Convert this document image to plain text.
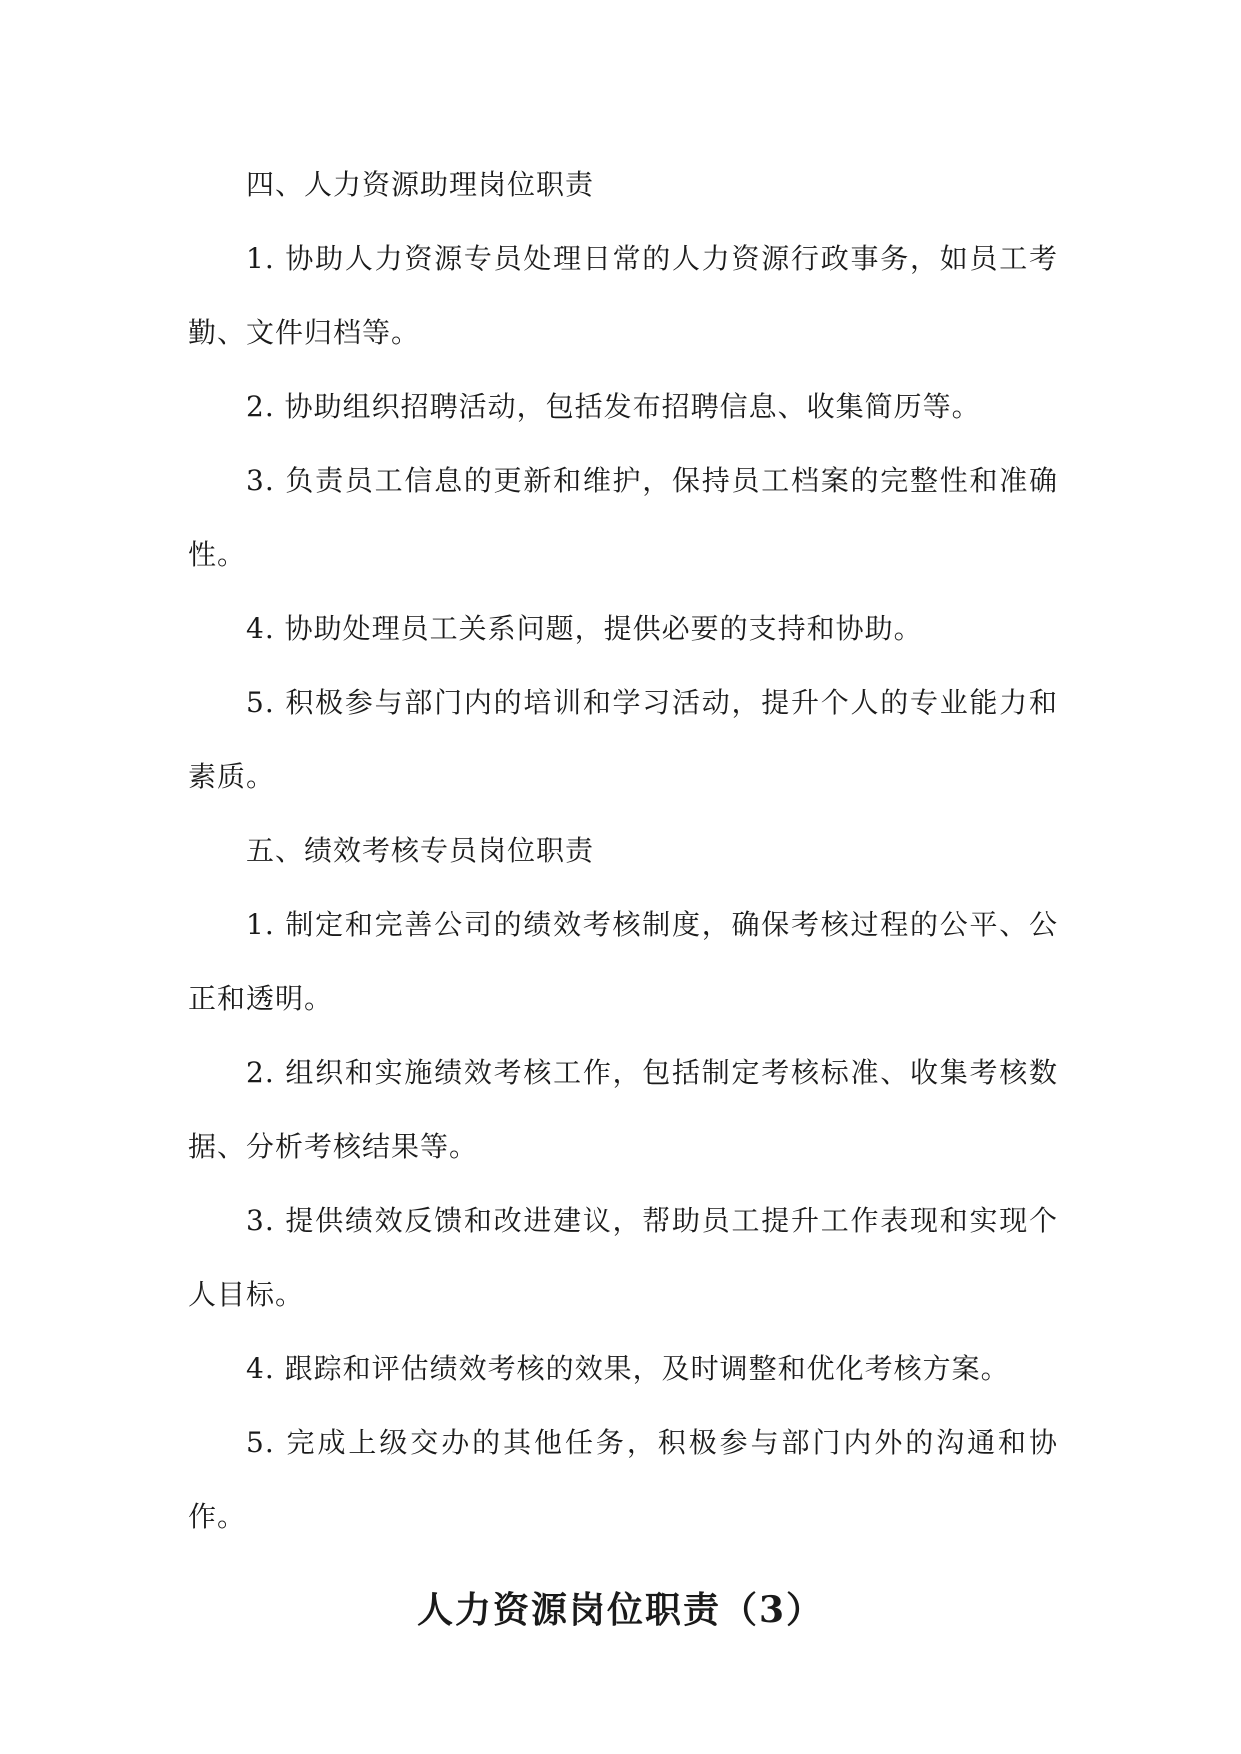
四、人力资源助理岗位职责

1. 协助人力资源专员处理日常的人力资源行政事务，如员工考勤、文件归档等。

2. 协助组织招聘活动，包括发布招聘信息、收集简历等。

3. 负责员工信息的更新和维护，保持员工档案的完整性和准确性。

4. 协助处理员工关系问题，提供必要的支持和协助。

5. 积极参与部门内的培训和学习活动，提升个人的专业能力和素质。

五、绩效考核专员岗位职责

1. 制定和完善公司的绩效考核制度，确保考核过程的公平、公正和透明。

2. 组织和实施绩效考核工作，包括制定考核标准、收集考核数据、分析考核结果等。

3. 提供绩效反馈和改进建议，帮助员工提升工作表现和实现个人目标。

4. 跟踪和评估绩效考核的效果，及时调整和优化考核方案。

5. 完成上级交办的其他任务，积极参与部门内外的沟通和协作。

人力资源岗位职责（3）
